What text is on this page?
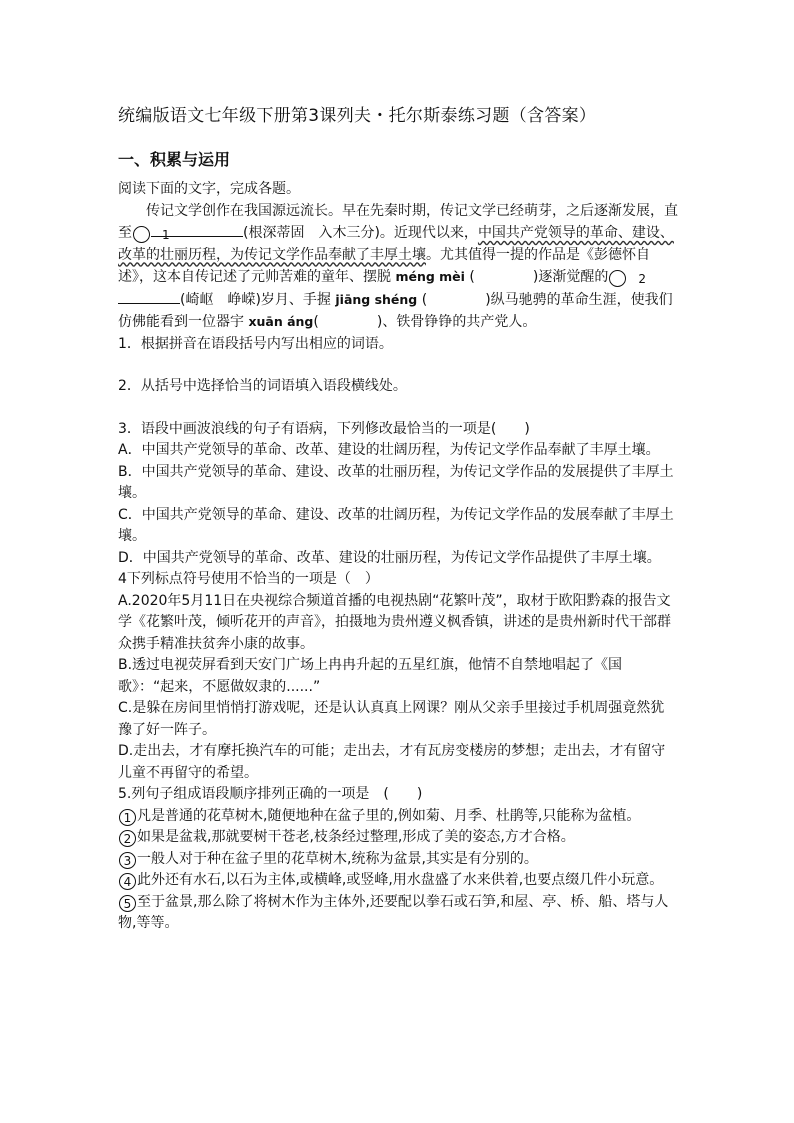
统编版语文七年级下册第3课列夫・托尔斯泰练习题（含答案）
一、积累与运用

阅读下面的文字，完成各题。

传记文学创作在我国源远流长。早在先秦时期，传记文学已经萌芽，之后逐渐发展，直至	1	(根深蒂固　入木三分)。近现代以来，中国共产党领导的革命、建设、改革的壮丽历程，为传记文学作品奉献了丰厚土壤。尤其值得一提的作品是《彭德怀自述》，这本自传记述了元帅苦难的童年、摆脱 méng mèi (	)逐渐觉醒的	2(崎岖　峥嵘)岁月、手握 jiāng shéng (	)纵马驰骋的革命生涯，使我们仿佛能看到一位器宇 xuān áng(	)、铁骨铮铮的共产党人。

1．根据拼音在语段括号内写出相应的词语。

2．从括号中选择恰当的词语填入语段横线处。

3．语段中画波浪线的句子有语病，下列修改最恰当的一项是(　　)

A．中国共产党领导的革命、改革、建设的壮阔历程，为传记文学作品奉献了丰厚土壤。

B．中国共产党领导的革命、建设、改革的壮丽历程，为传记文学作品的发展提供了丰厚土壤。

C．中国共产党领导的革命、建设、改革的壮阔历程，为传记文学作品的发展奉献了丰厚土壤。

D．中国共产党领导的革命、改革、建设的壮丽历程，为传记文学作品提供了丰厚土壤。

4下列标点符号使用不恰当的一项是（　）

A.2020年5月11日在央视综合频道首播的电视热剧“花繁叶茂”，取材于欧阳黔森的报告文学《花繁叶茂，倾听花开的声音》，拍摄地为贵州遵义枫香镇，讲述的是贵州新时代干部群众携手精准扶贫奔小康的故事。

B.透过电视荧屏看到天安门广场上冉冉升起的五星红旗，他情不自禁地唱起了《国歌》：“起来，不愿做奴隶的......”

C.是躲在房间里悄悄打游戏呢，还是认认真真上网课？刚从父亲手里接过手机周强竟然犹豫了好一阵子。

D.走出去，才有摩托换汽车的可能；走出去，才有瓦房变楼房的梦想；走出去，才有留守儿童不再留守的希望。

5.列句子组成语段顺序排列正确的一项是　(　　)

1 凡是普通的花草树木,随便地种在盆子里的,例如菊、月季、杜鹃等,只能称为盆植。

2 如果是盆栽,那就要树干苍老,枝条经过整理,形成了美的姿态,方才合格。

3 一般人对于种在盆子里的花草树木,统称为盆景,其实是有分别的。

4 此外还有水石,以石为主体,或横峰,或竖峰,用水盘盛了水来供着,也要点缀几件小玩意。

5 至于盆景,那么除了将树木作为主体外,还要配以拳石或石笋,和屋、亭、桥、船、塔与人物,等等。
